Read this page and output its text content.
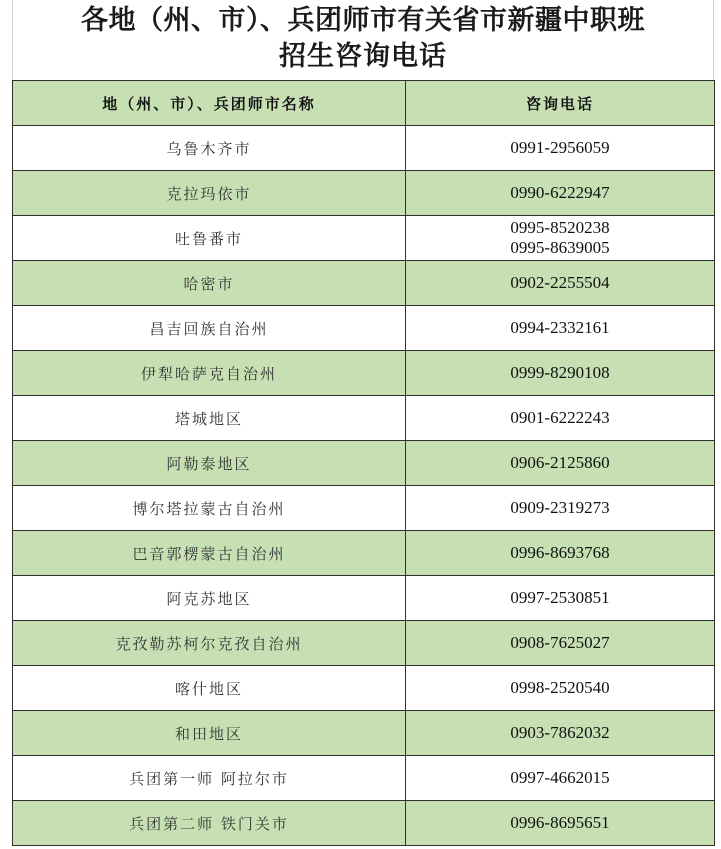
各地（州、市）、兵团师市有关省市新疆中职班
招生咨询电话
地（州、市）、兵团师市名称	咨询电话
乌鲁木齐市	0991-2956059

克拉玛依市	0990-6222947

吐鲁番市	0995-8520238
0995-8639005

哈密市	0902-2255504

昌吉回族自治州	0994-2332161

伊犁哈萨克自治州	0999-8290108

塔城地区	0901-6222243

阿勒泰地区	0906-2125860

博尔塔拉蒙古自治州	0909-2319273

巴音郭楞蒙古自治州	0996-8693768

阿克苏地区	0997-2530851

克孜勒苏柯尔克孜自治州	0908-7625027

喀什地区	0998-2520540

和田地区	0903-7862032

兵团第一师 阿拉尔市	0997-4662015

兵团第二师 铁门关市	0996-8695651
